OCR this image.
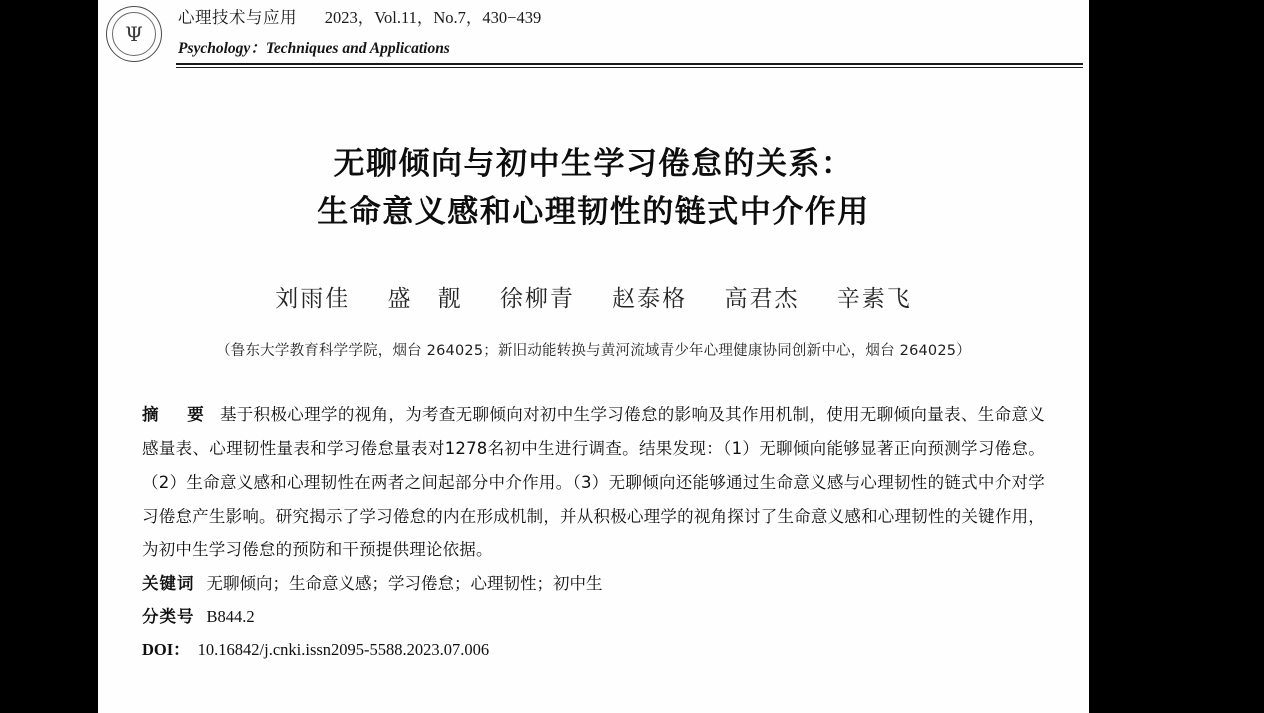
Ψ
心理技术与应用 2023，Vol.11，No.7，430−439
Psychology：Techniques and Applications
无聊倾向与初中生学习倦怠的关系：
生命意义感和心理韧性的链式中介作用
刘雨佳 盛　靓 徐柳青 赵泰格 高君杰 辛素飞
（鲁东大学教育科学学院，烟台 264025；新旧动能转换与黄河流域青少年心理健康协同创新中心，烟台 264025）
摘　要 基于积极心理学的视角，为考查无聊倾向对初中生学习倦怠的影响及其作用机制，使用无聊倾向量表、生命意义感量表、心理韧性量表和学习倦怠量表对1278名初中生进行调查。结果发现：（1）无聊倾向能够显著正向预测学习倦怠。（2）生命意义感和心理韧性在两者之间起部分中介作用。（3）无聊倾向还能够通过生命意义感与心理韧性的链式中介对学习倦怠产生影响。研究揭示了学习倦怠的内在形成机制，并从积极心理学的视角探讨了生命意义感和心理韧性的关键作用，为初中生学习倦怠的预防和干预提供理论依据。
关键词 无聊倾向；生命意义感；学习倦怠；心理韧性；初中生
分类号 B844.2
DOI： 10.16842/j.cnki.issn2095-5588.2023.07.006
